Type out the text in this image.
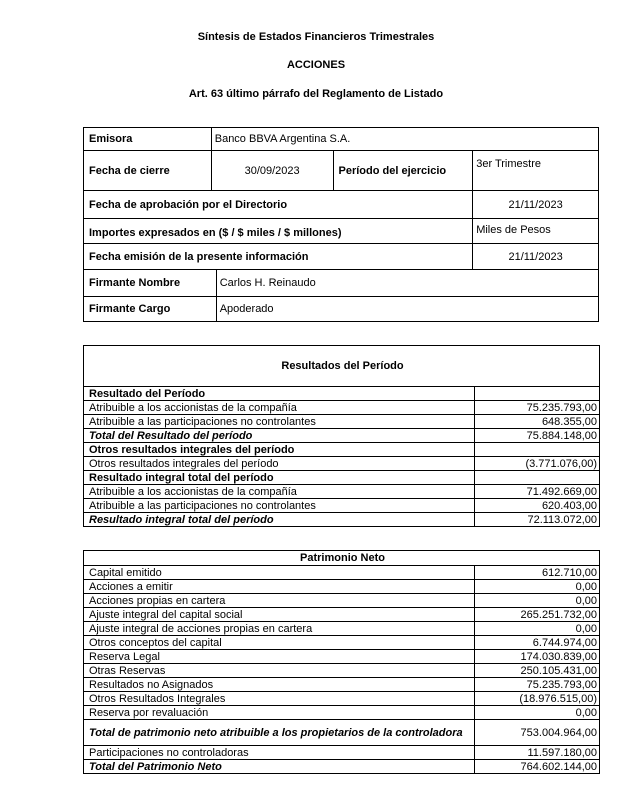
Síntesis de Estados Financieros Trimestrales
ACCIONES
Art. 63 último párrafo del Reglamento de Listado
Emisora	Banco BBVA Argentina S.A.			
Fecha de cierre	30/09/2023		Período del ejercicio	3er Trimestre
Fecha de aprobación por el Directorio				21/11/2023
Importes expresados en ($ / $ miles / $ millones)				Miles de Pesos
Fecha emisión de la presente información				21/11/2023
Firmante Nombre		Carlos H. Reinaudo		
Firmante Cargo		Apoderado		
Resultados del Período	
Resultado del Período	
Atribuible a los accionistas de la compañía	75.235.793,00
Atribuible a las participaciones no controlantes	648.355,00
Total del Resultado del período	75.884.148,00
Otros resultados integrales del período	
Otros resultados integrales del período	(3.771.076,00)
Resultado integral total del período	
Atribuible a los accionistas de la compañía	71.492.669,00
Atribuible a las participaciones no controlantes	620.403,00
Resultado integral total del período	72.113.072,00
Patrimonio Neto	
Capital emitido	612.710,00
Acciones a emitir	0,00
Acciones propias en cartera	0,00
Ajuste integral del capital social	265.251.732,00
Ajuste integral de acciones propias en cartera	0,00
Otros conceptos del capital	6.744.974,00
Reserva Legal	174.030.839,00
Otras Reservas	250.105.431,00
Resultados no Asignados	75.235.793,00
Otros Resultados Integrales	(18.976.515,00)
Reserva por revaluación	0,00
Total de patrimonio neto atribuible a los propietarios de la controladora	753.004.964,00
Participaciones no controladoras	11.597.180,00
Total del Patrimonio Neto	764.602.144,00
